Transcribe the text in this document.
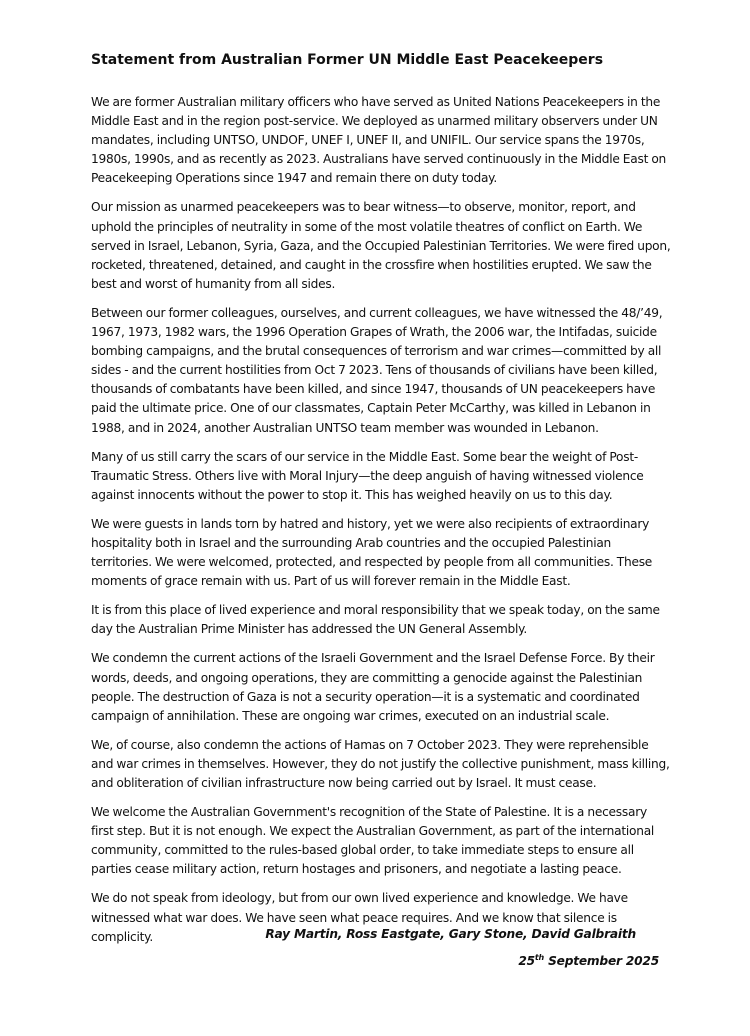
Statement from Australian Former UN Middle East Peacekeepers

We are former Australian military officers who have served as United Nations Peacekeepers in the Middle East and in the region post-service. We deployed as unarmed military observers under UN mandates, including UNTSO, UNDOF, UNEF I, UNEF II, and UNIFIL. Our service spans the 1970s, 1980s, 1990s, and as recently as 2023. Australians have served continuously in the Middle East on Peacekeeping Operations since 1947 and remain there on duty today.

Our mission as unarmed peacekeepers was to bear witness—to observe, monitor, report, and uphold the principles of neutrality in some of the most volatile theatres of conflict on Earth. We served in Israel, Lebanon, Syria, Gaza, and the Occupied Palestinian Territories. We were fired upon, rocketed, threatened, detained, and caught in the crossfire when hostilities erupted. We saw the best and worst of humanity from all sides.

Between our former colleagues, ourselves, and current colleagues, we have witnessed the 48/’49, 1967, 1973, 1982 wars, the 1996 Operation Grapes of Wrath, the 2006 war, the Intifadas, suicide bombing campaigns, and the brutal consequences of terrorism and war crimes—committed by all sides - and the current hostilities from Oct 7 2023. Tens of thousands of civilians have been killed, thousands of combatants have been killed, and since 1947, thousands of UN peacekeepers have paid the ultimate price. One of our classmates, Captain Peter McCarthy, was killed in Lebanon in 1988, and in 2024, another Australian UNTSO team member was wounded in Lebanon.

Many of us still carry the scars of our service in the Middle East. Some bear the weight of Post-Traumatic Stress. Others live with Moral Injury—the deep anguish of having witnessed violence against innocents without the power to stop it. This has weighed heavily on us to this day.

We were guests in lands torn by hatred and history, yet we were also recipients of extraordinary hospitality both in Israel and the surrounding Arab countries and the occupied Palestinian territories. We were welcomed, protected, and respected by people from all communities. These moments of grace remain with us. Part of us will forever remain in the Middle East.

It is from this place of lived experience and moral responsibility that we speak today, on the same day the Australian Prime Minister has addressed the UN General Assembly.

We condemn the current actions of the Israeli Government and the Israel Defense Force. By their words, deeds, and ongoing operations, they are committing a genocide against the Palestinian people. The destruction of Gaza is not a security operation—it is a systematic and coordinated campaign of annihilation. These are ongoing war crimes, executed on an industrial scale.

We, of course, also condemn the actions of Hamas on 7 October 2023. They were reprehensible and war crimes in themselves. However, they do not justify the collective punishment, mass killing, and obliteration of civilian infrastructure now being carried out by Israel. It must cease.

We welcome the Australian Government's recognition of the State of Palestine. It is a necessary first step. But it is not enough. We expect the Australian Government, as part of the international community, committed to the rules-based global order, to take immediate steps to ensure all parties cease military action, return hostages and prisoners, and negotiate a lasting peace.

We do not speak from ideology, but from our own lived experience and knowledge. We have witnessed what war does. We have seen what peace requires. And we know that silence is complicity.	Ray Martin, Ross Eastgate, Gary Stone, David Galbraith

25th September 2025
